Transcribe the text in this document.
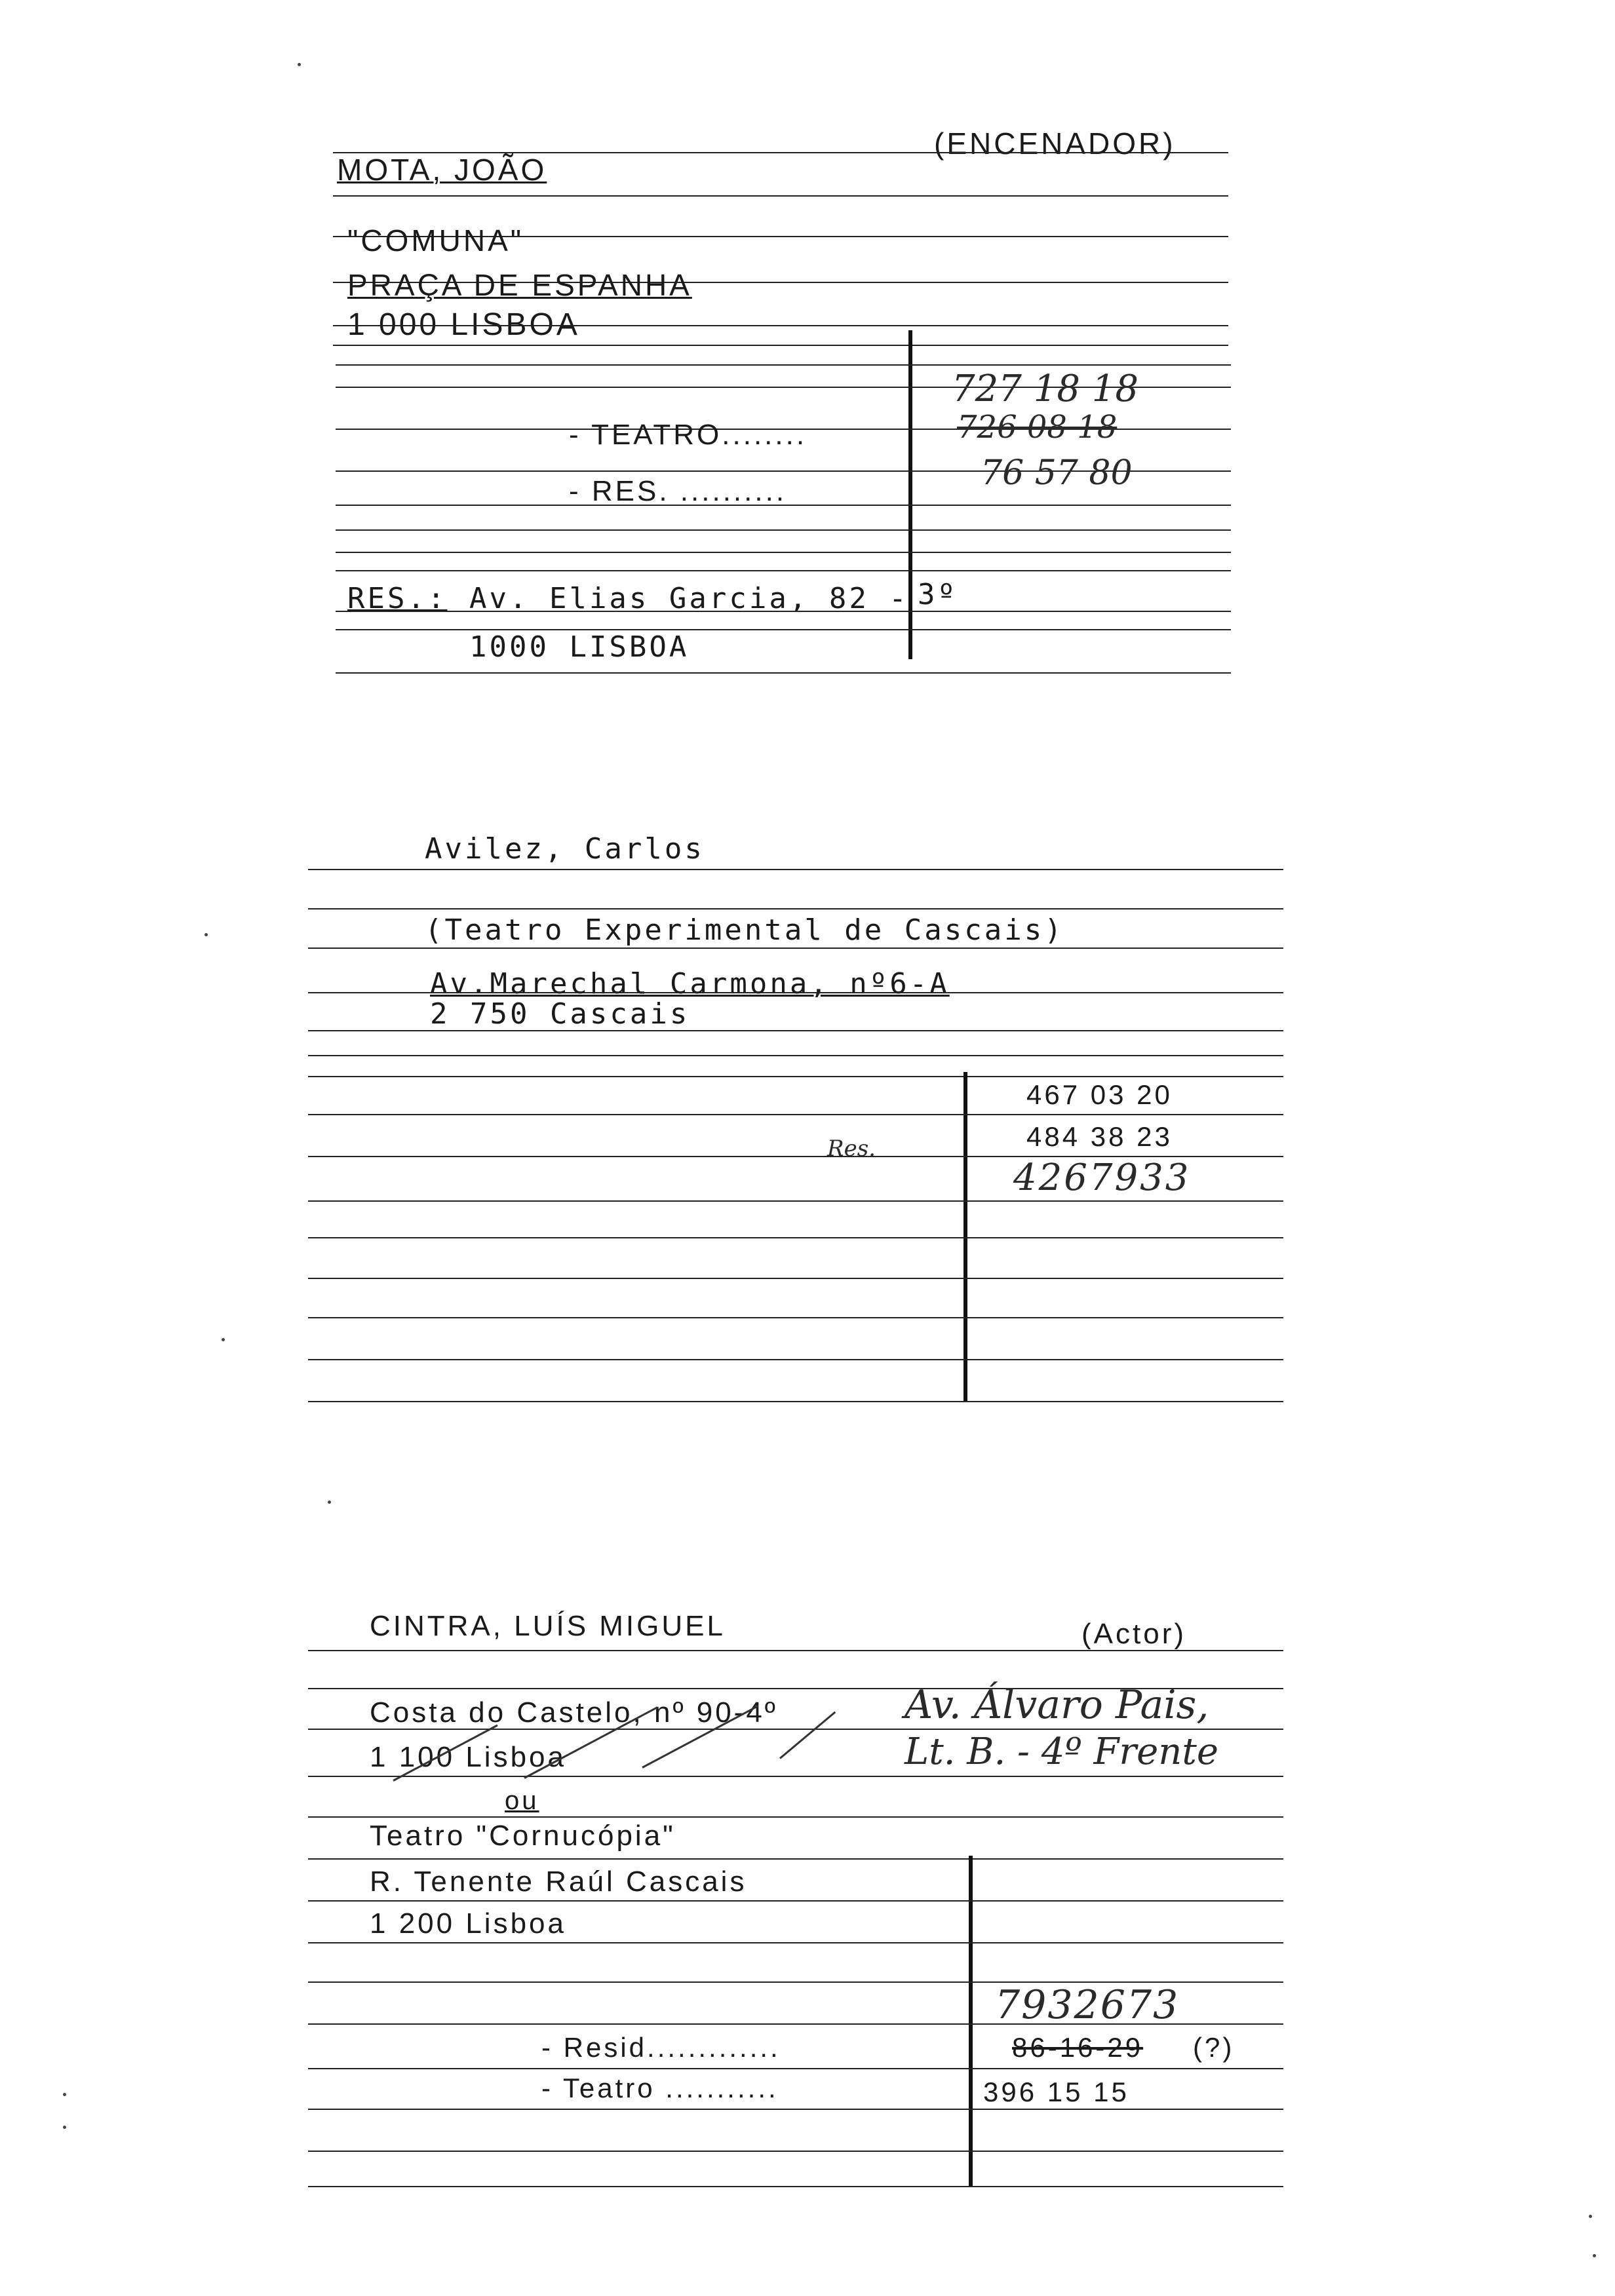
MOTA, JOÃO
(ENCENADOR)
"COMUNA"
PRAÇA DE ESPANHA
1 000 LISBOA
727 18 18
- TEATRO........	726 08 18
- RES. ..........	76 57 80
RES.: Av. Elias Garcia, 82 - 3º
1000 LISBOA
Avilez, Carlos
(Teatro Experimental de Cascais)
Av.Marechal Carmona, nº6-A
2 750 Cascais
467 03 20
Res.	484 38 23
4267933
CINTRA, LUÍS MIGUEL	(Actor)
Costa do Castelo, nº 90-4º	Av. Álvaro Pais,
1 100 Lisboa	Lt. B. - 4º Frente
ou
Teatro "Cornucópia"
R. Tenente Raúl Cascais
1 200 Lisboa
7932673
- Resid.............	86-16-29 (?)
- Teatro ...........	396 15 15
